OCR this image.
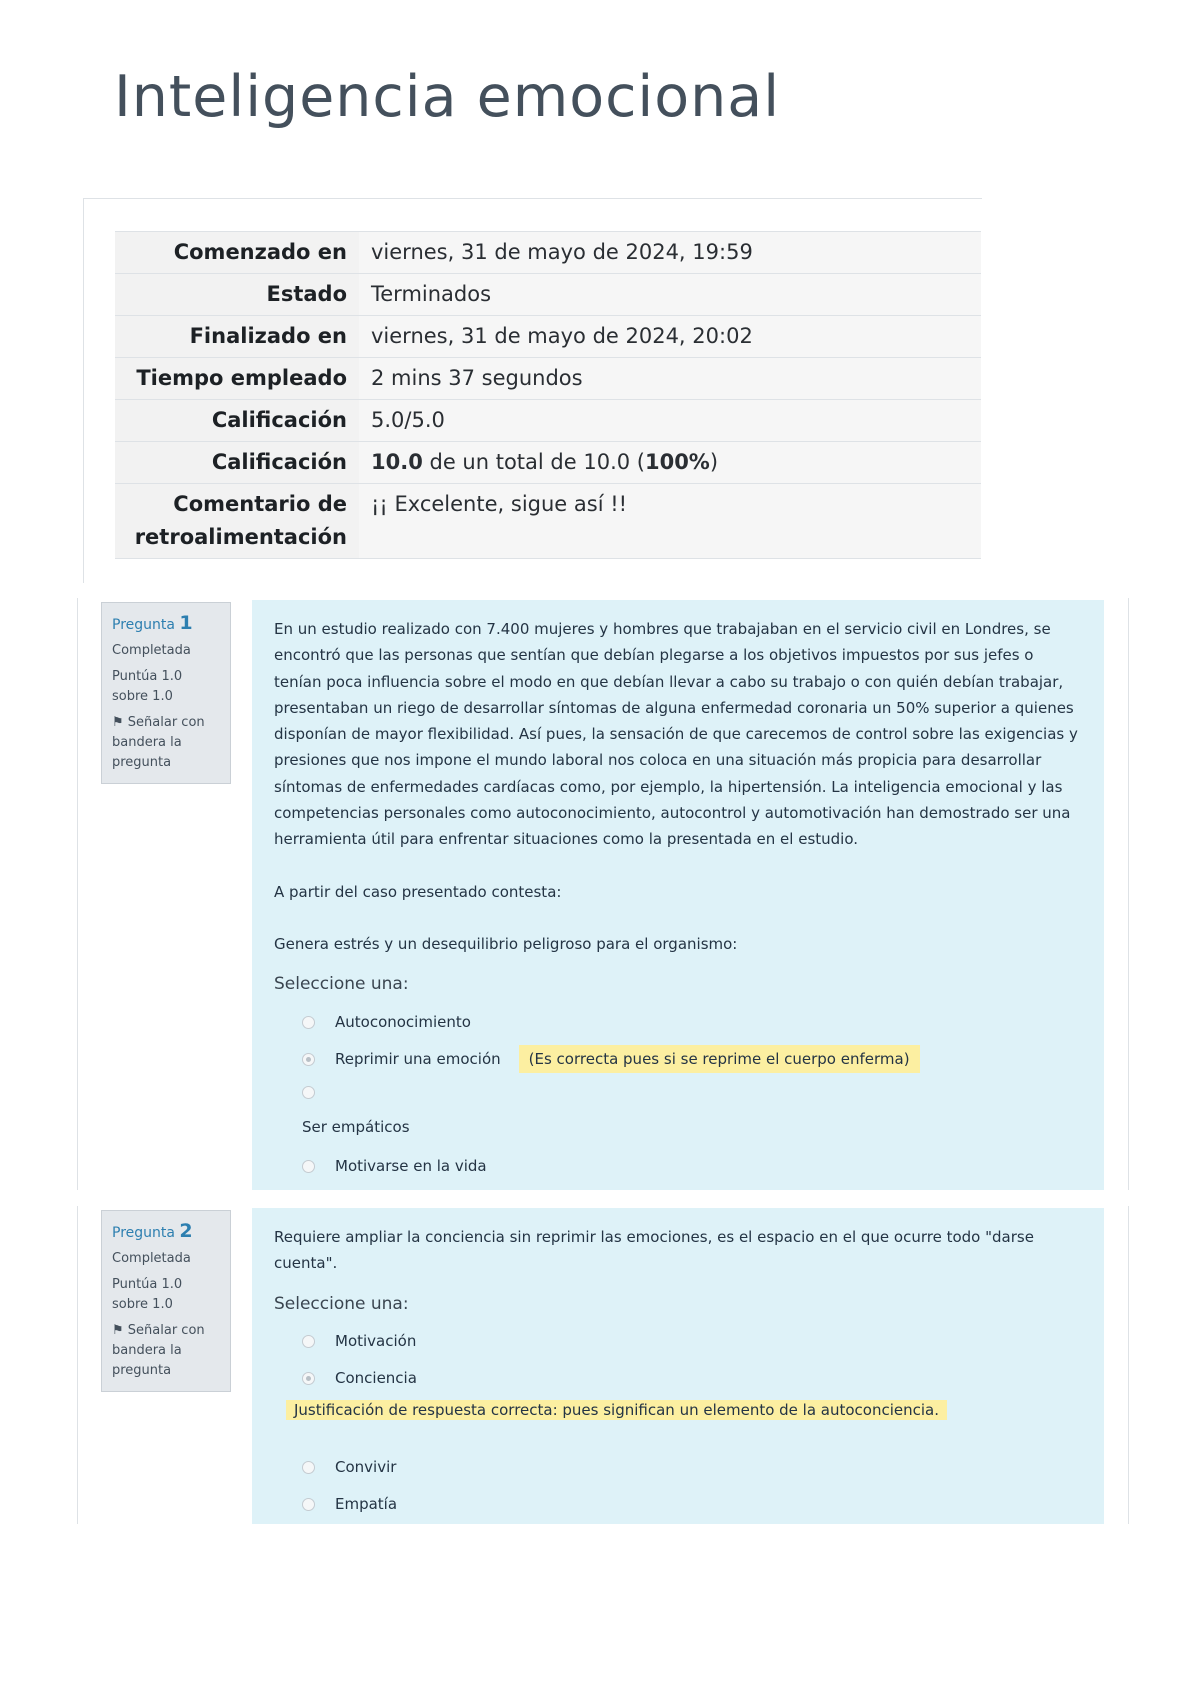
Inteligencia emocional
Comenzado en	viernes, 31 de mayo de 2024, 19:59
Estado	Terminados
Finalizado en	viernes, 31 de mayo de 2024, 20:02
Tiempo empleado	2 mins 37 segundos
Calificación	5.0/5.0
Calificación	10.0 de un total de 10.0 (100%)
Comentario de retroalimentación	¡¡ Excelente, sigue así !!
Pregunta 1
Completada
Puntúa 1.0 sobre 1.0
⚑ Señalar con bandera la pregunta

En un estudio realizado con 7.400 mujeres y hombres que trabajaban en el servicio civil en Londres, se encontró que las personas que sentían que debían plegarse a los objetivos impuestos por sus jefes o tenían poca influencia sobre el modo en que debían llevar a cabo su trabajo o con quién debían trabajar, presentaban un riego de desarrollar síntomas de alguna enfermedad coronaria un 50% superior a quienes disponían de mayor flexibilidad. Así pues, la sensación de que carecemos de control sobre las exigencias y presiones que nos impone el mundo laboral nos coloca en una situación más propicia para desarrollar síntomas de enfermedades cardíacas como, por ejemplo, la hipertensión. La inteligencia emocional y las competencias personales como autoconocimiento, autocontrol y automotivación han demostrado ser una herramienta útil para enfrentar situaciones como la presentada en el estudio.

A partir del caso presentado contesta:

Genera estrés y un desequilibrio peligroso para el organismo:

Seleccione una:
Autoconocimiento
Reprimir una emoción	(Es correcta pues si se reprime el cuerpo enferma)
Ser empáticos
Motivarse en la vida
Pregunta 2
Completada
Puntúa 1.0 sobre 1.0
⚑ Señalar con bandera la pregunta

Requiere ampliar la conciencia sin reprimir las emociones, es el espacio en el que ocurre todo "darse cuenta".

Seleccione una:
Motivación
Conciencia
Justificación de respuesta correcta: pues significan un elemento de la autoconciencia.
Convivir
Empatía
